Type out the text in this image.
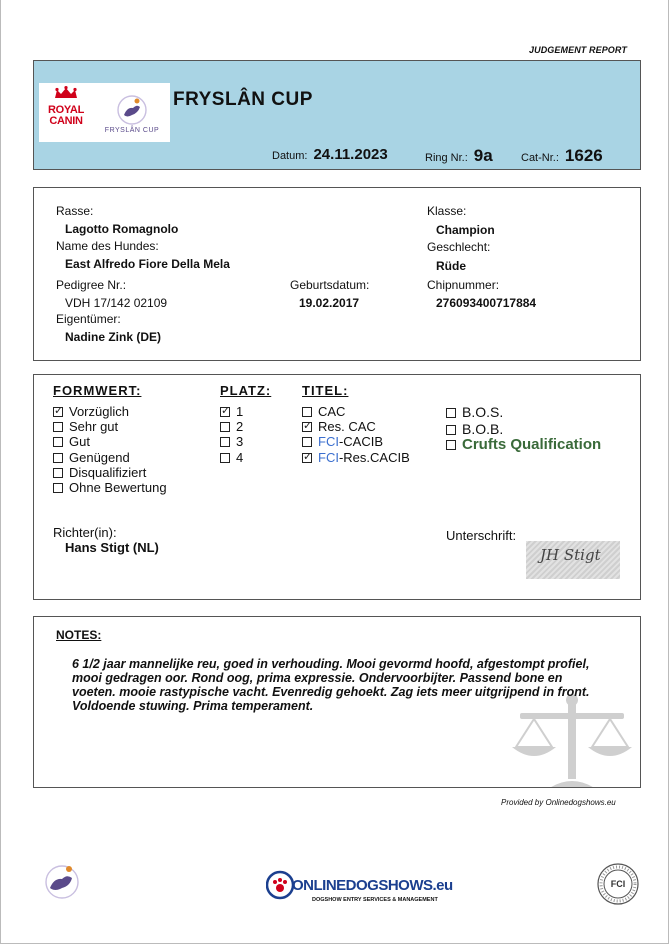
JUDGEMENT REPORT
ROYAL
CANIN
FRYSLÂN CUP
FRYSLÂN CUP
Datum: 24.11.2023	Ring Nr.: 9a	Cat-Nr.: 1626
Rasse:
Lagotto Romagnolo
Name des Hundes:
East Alfredo Fiore Della Mela
Pedigree Nr.:
VDH 17/142 02109
Eigentümer:
Nadine Zink (DE)
Geburtsdatum:
19.02.2017
Klasse:
Champion
Geschlecht:
Rüde
Chipnummer:
276093400717884
FORMWERT:
✓Vorzüglich
Sehr gut
Gut
Genügend
Disqualifiziert
Ohne Bewertung
PLATZ:
✓1
2
3
4
TITEL:
CAC
✓Res. CAC
FCI-CACIB
✓FCI-Res.CACIB
B.O.S.
B.O.B.
Crufts Qualification
Richter(in):
Hans Stigt (NL)
Unterschrift:
JH Stigt
NOTES:
6 1/2 jaar mannelijke reu, goed in verhouding. Mooi gevormd hoofd, afgestompt profiel, mooi gedragen oor. Rond oog, prima expressie. Ondervoorbijter. Passend bone en voeten. mooie rastypische vacht. Evenredig gehoekt. Zag iets meer uitgrijpend in front. Voldoende stuwing. Prima temperament.
Provided by Onlinedogshows.eu
ONLINEDOGSHOWS.eu
DOGSHOW ENTRY SERVICES & MANAGEMENT
FCI
